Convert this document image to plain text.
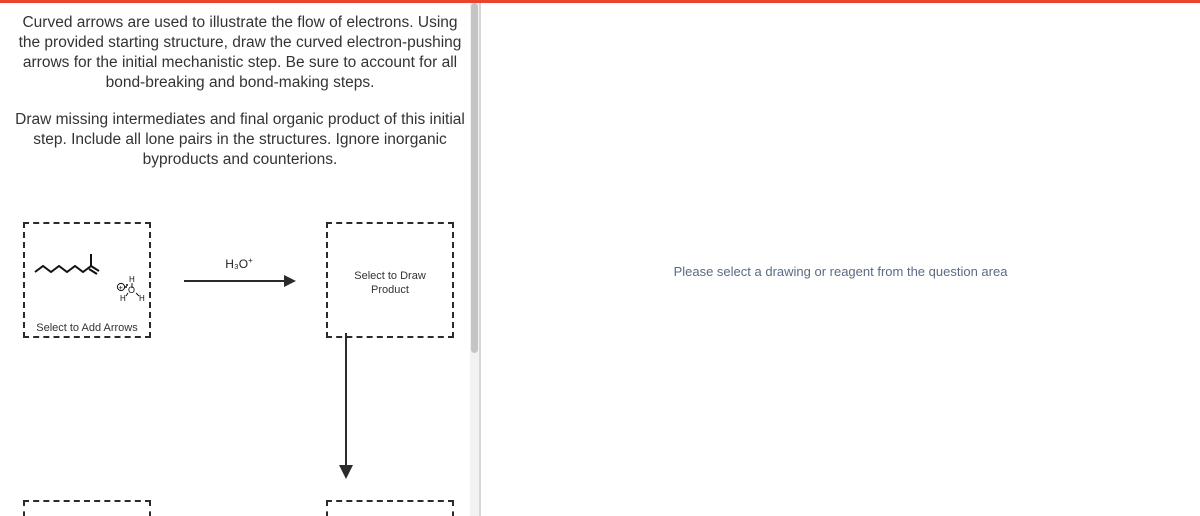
Curved arrows are used to illustrate the flow of electrons. Using the provided starting structure, draw the curved electron-pushing arrows for the initial mechanistic step. Be sure to account for all bond-breaking and bond-making steps.
Draw missing intermediates and final organic product of this initial step. Include all lone pairs in the structures. Ignore inorganic byproducts and counterions.
H
O
H H
+
Select to Add Arrows
H₃O+
Select to Draw
Product
Please select a drawing or reagent from the question area
